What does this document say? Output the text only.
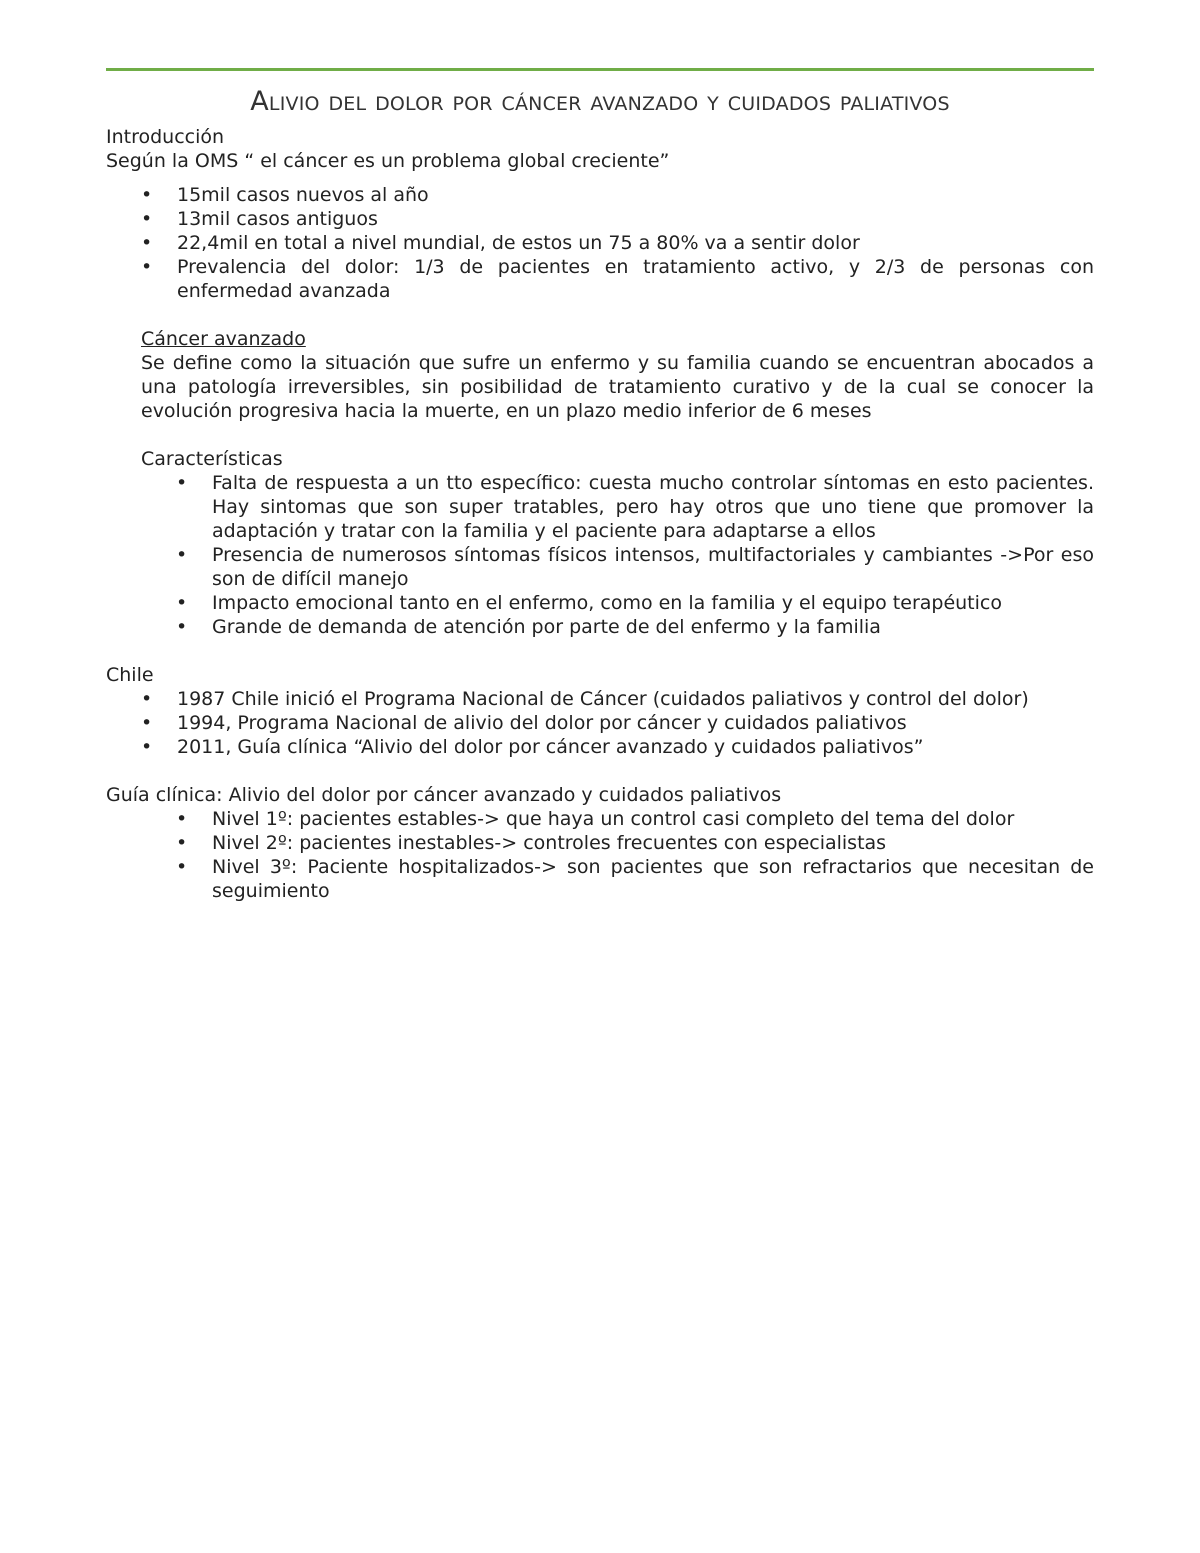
Alivio del dolor por cáncer avanzado y cuidados paliativos

Introducción

Según la OMS “ el cáncer es un problema global creciente”

• 15mil casos nuevos al año
• 13mil casos antiguos
• 22,4mil en total a nivel mundial, de estos un 75 a 80% va a sentir dolor
• Prevalencia del dolor: 1/3 de pacientes en tratamiento activo, y 2/3 de personas con enfermedad avanzada

Cáncer avanzado

Se define como la situación que sufre un enfermo y su familia cuando se encuentran abocados a una patología irreversibles, sin posibilidad de tratamiento curativo y de la cual se conocer la evolución progresiva hacia la muerte, en un plazo medio inferior de 6 meses

Características

• Falta de respuesta a un tto específico: cuesta mucho controlar síntomas en esto pacientes. Hay sintomas que son super tratables, pero hay otros que uno tiene que promover la adaptación y tratar con la familia y el paciente para adaptarse a ellos
• Presencia de numerosos síntomas físicos intensos, multifactoriales y cambiantes ->Por eso son de difícil manejo
• Impacto emocional tanto en el enfermo, como en la familia y el equipo terapéutico
• Grande de demanda de atención por parte de del enfermo y la familia

Chile

• 1987 Chile inició el Programa Nacional de Cáncer (cuidados paliativos y control del dolor)
• 1994, Programa Nacional de alivio del dolor por cáncer y cuidados paliativos
• 2011, Guía clínica “Alivio del dolor por cáncer avanzado y cuidados paliativos”

Guía clínica: Alivio del dolor por cáncer avanzado y cuidados paliativos

• Nivel 1º: pacientes estables-> que haya un control casi completo del tema del dolor
• Nivel 2º: pacientes inestables-> controles frecuentes con especialistas
• Nivel 3º: Paciente hospitalizados-> son pacientes que son refractarios que necesitan de seguimiento
